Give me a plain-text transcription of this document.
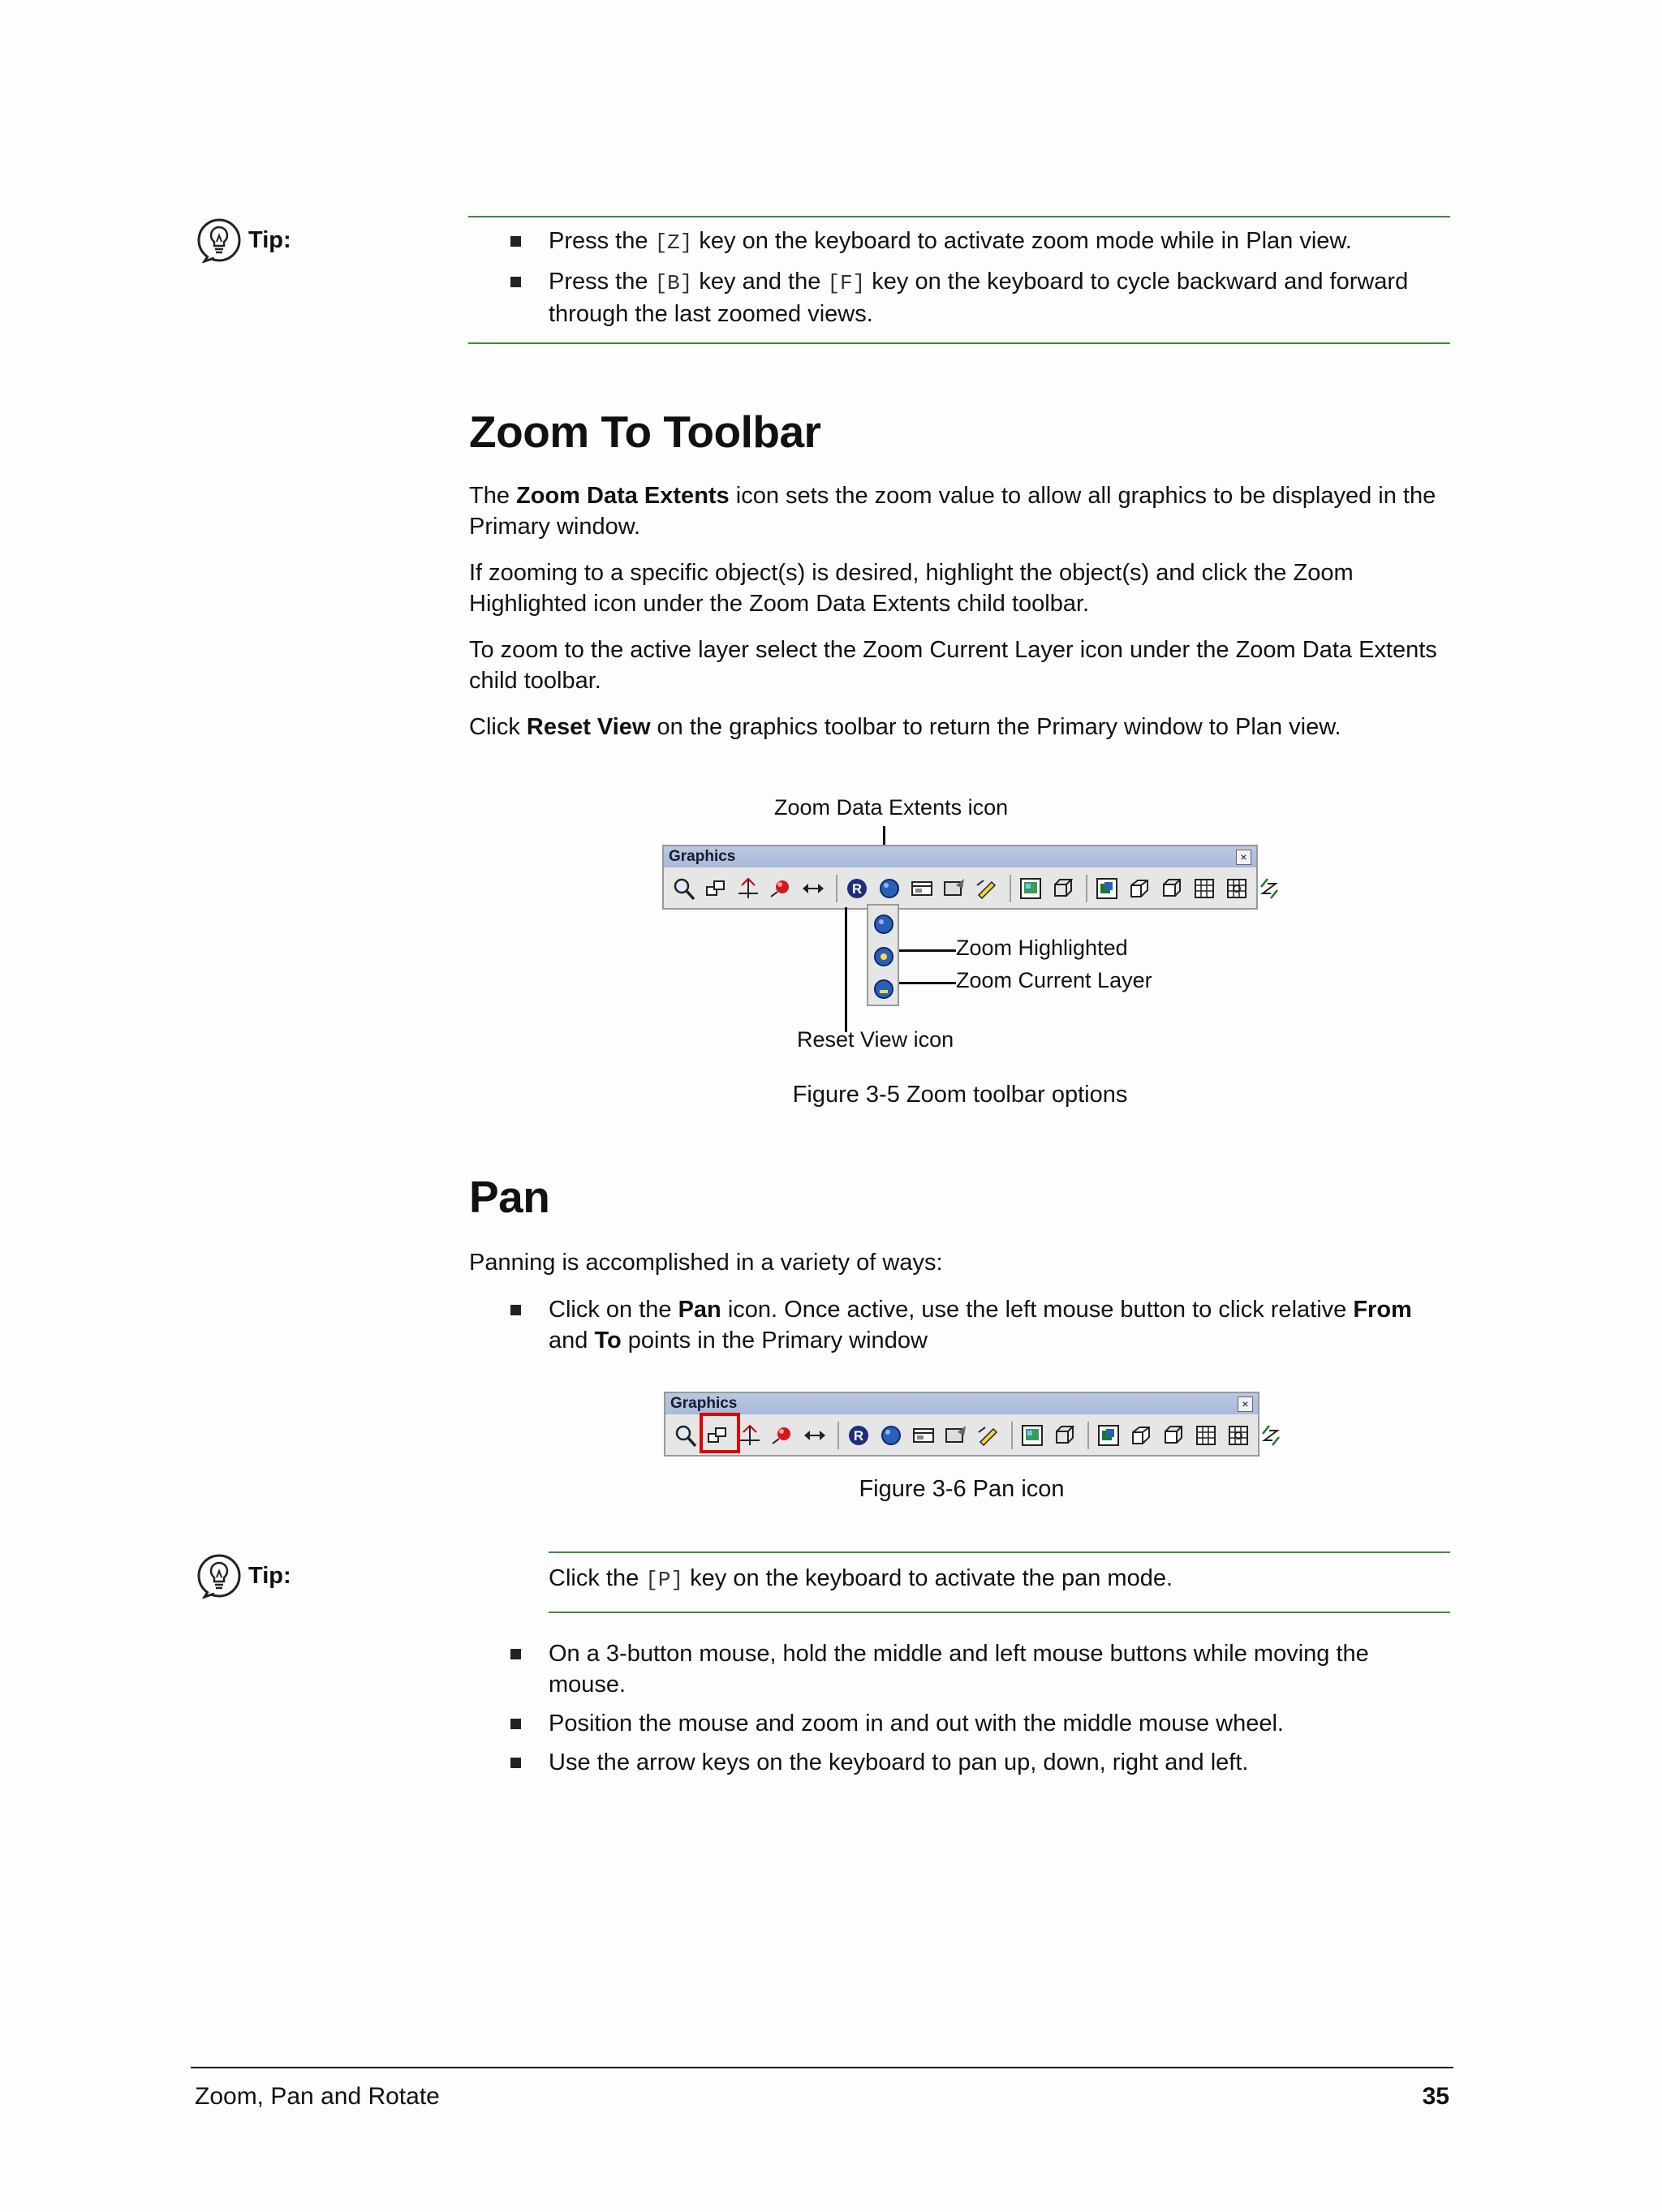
Tip:	Press the [Z] key on the keyboard to activate zoom mode while in Plan view.
Press the [B] key and the [F] key on the keyboard to cycle backward and forward through the last zoomed views.
Zoom To Toolbar

The Zoom Data Extents icon sets the zoom value to allow all graphics to be displayed in the Primary window.

If zooming to a specific object(s) is desired, highlight the object(s) and click the Zoom Highlighted icon under the Zoom Data Extents child toolbar.

To zoom to the active layer select the Zoom Current Layer icon under the Zoom Data Extents child toolbar.

Click Reset View on the graphics toolbar to return the Primary window to Plan view.

Zoom Data Extents icon
Graphics	×
R
Zoom Highlighted
Zoom Current Layer
Reset View icon
Figure 3-5 Zoom toolbar options
Pan

Panning is accomplished in a variety of ways:

Click on the Pan icon. Once active, use the left mouse button to click relative From and To points in the Primary window
Graphics	×
R
Figure 3-6 Pan icon
Tip:	Click the [P] key on the keyboard to activate the pan mode.

On a 3-button mouse, hold the middle and left mouse buttons while moving the mouse.
Position the mouse and zoom in and out with the middle mouse wheel.
Use the arrow keys on the keyboard to pan up, down, right and left.
Zoom, Pan and Rotate	35
